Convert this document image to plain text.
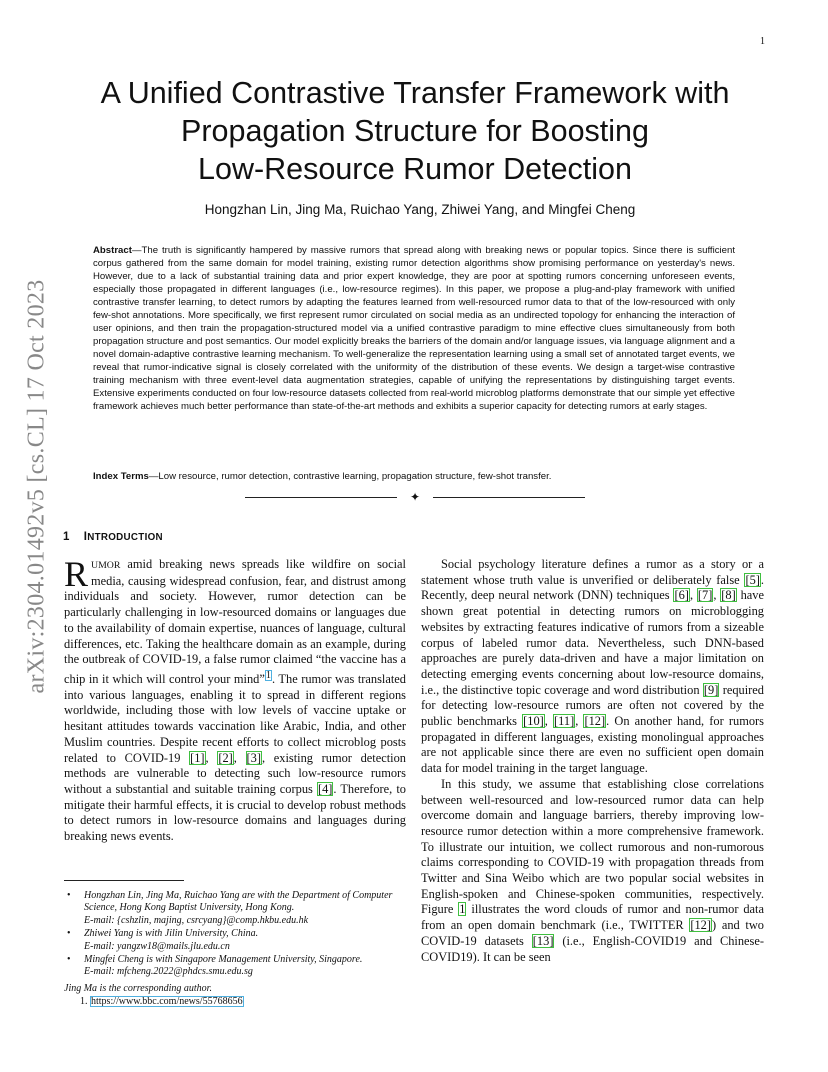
1
arXiv:2304.01492v5 [cs.CL] 17 Oct 2023
A Unified Contrastive Transfer Framework with
Propagation Structure for Boosting
Low-Resource Rumor Detection
Hongzhan Lin, Jing Ma, Ruichao Yang, Zhiwei Yang, and Mingfei Cheng
Abstract—The truth is significantly hampered by massive rumors that spread along with breaking news or popular topics. Since there is sufficient corpus gathered from the same domain for model training, existing rumor detection algorithms show promising performance on yesterday's news. However, due to a lack of substantial training data and prior expert knowledge, they are poor at spotting rumors concerning unforeseen events, especially those propagated in different languages (i.e., low-resource regimes). In this paper, we propose a plug-and-play framework with unified contrastive transfer learning, to detect rumors by adapting the features learned from well-resourced rumor data to that of the low-resourced with only few-shot annotations. More specifically, we first represent rumor circulated on social media as an undirected topology for enhancing the interaction of user opinions, and then train the propagation-structured model via a unified contrastive paradigm to mine effective clues simultaneously from both propagation structure and post semantics. Our model explicitly breaks the barriers of the domain and/or language issues, via language alignment and a novel domain-adaptive contrastive learning mechanism. To well-generalize the representation learning using a small set of annotated target events, we reveal that rumor-indicative signal is closely correlated with the uniformity of the distribution of these events. We design a target-wise contrastive training mechanism with three event-level data augmentation strategies, capable of unifying the representations by distinguishing target events. Extensive experiments conducted on four low-resource datasets collected from real-world microblog platforms demonstrate that our simple yet effective framework achieves much better performance than state-of-the-art methods and exhibits a superior capacity for detecting rumors at early stages.
Index Terms—Low resource, rumor detection, contrastive learning, propagation structure, few-shot transfer.
✦
1 INTRODUCTION

RUMOR amid breaking news spreads like wildfire on social media, causing widespread confusion, fear, and distrust among individuals and society. However, rumor detection can be particularly challenging in low-resourced domains or languages due to the availability of domain expertise, nuances of language, cultural differences, etc. Taking the healthcare domain as an example, during the outbreak of COVID-19, a false rumor claimed “the vaccine has a chip in it which will control your mind”$^1$. The rumor was translated into various languages, enabling it to spread in different regions worldwide, including those with low levels of vaccine uptake or hesitant attitudes towards vaccination like Arabic, India, and other Muslim countries. Despite recent efforts to collect microblog posts related to COVID-19 [1], [2], [3], existing rumor detection methods are vulnerable to detecting such low-resource rumors without a substantial and suitable training corpus [4]. Therefore, to mitigate their harmful effects, it is crucial to develop robust methods to detect rumors in low-resource domains and languages during breaking news events.

• Hongzhan Lin, Jing Ma, Ruichao Yang are with the Department of Computer Science, Hong Kong Baptist University, Hong Kong.
E-mail: {cshzlin, majing, csrcyang}@comp.hkbu.edu.hk
• Zhiwei Yang is with Jilin University, China.
E-mail: yangzw18@mails.jlu.edu.cn
• Mingfei Cheng is with Singapore Management University, Singapore.
E-mail: mfcheng.2022@phdcs.smu.edu.sg
Jing Ma is the corresponding author.
1. https://www.bbc.com/news/55768656

Social psychology literature defines a rumor as a story or a statement whose truth value is unverified or deliberately false [5]. Recently, deep neural network (DNN) techniques [6], [7], [8] have shown great potential in detecting rumors on microblogging websites by extracting features indicative of rumors from a sizeable corpus of labeled rumor data. Nevertheless, such DNN-based approaches are purely data-driven and have a major limitation on detecting emerging events concerning about low-resource domains, i.e., the distinctive topic coverage and word distribution [9] required for detecting low-resource rumors are often not covered by the public benchmarks [10], [11], [12]. On another hand, for rumors propagated in different languages, existing monolingual approaches are not applicable since there are even no sufficient open domain data for model training in the target language.

In this study, we assume that establishing close correlations between well-resourced and low-resourced rumor data can help overcome domain and language barriers, thereby improving low-resource rumor detection within a more comprehensive framework. To illustrate our intuition, we collect rumorous and non-rumorous claims corresponding to COVID-19 with propagation threads from Twitter and Sina Weibo which are two popular social websites in English-spoken and Chinese-spoken communities, respectively. Figure 1 illustrates the word clouds of rumor and non-rumor data from an open domain benchmark (i.e., TWITTER [12]) and two COVID-19 datasets [13] (i.e., English-COVID19 and Chinese-COVID19). It can be seen
